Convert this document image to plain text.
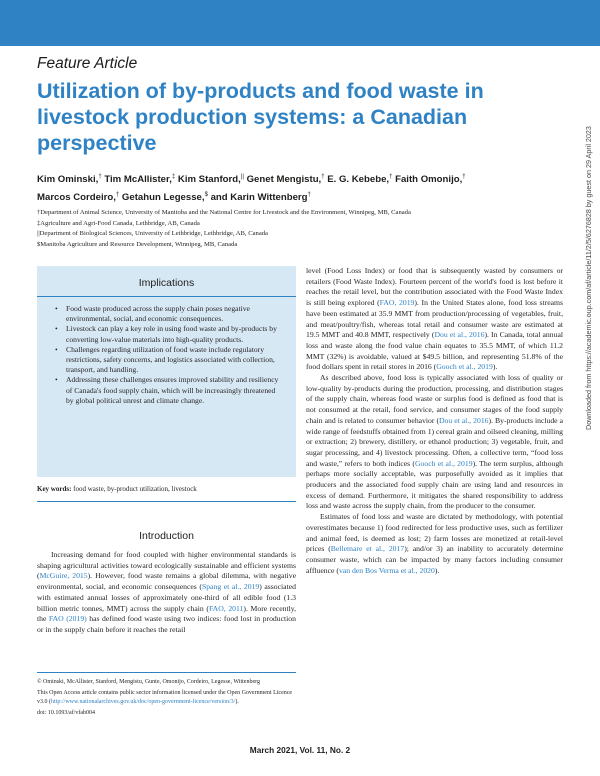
Feature Article
Utilization of by-products and food waste in livestock production systems: a Canadian perspective
Kim Ominski,† Tim McAllister,‡ Kim Stanford,|| Genet Mengistu,† E. G. Kebebe,† Faith Omonijo,†
Marcos Cordeiro,† Getahun Legesse,$ and Karin Wittenberg†
†Department of Animal Science, University of Manitoba and the National Centre for Livestock and the Environment, Winnipeg, MB, Canada
‡Agriculture and Agri-Food Canada, Lethbridge, AB, Canada
||Department of Biological Sciences, University of Lethbridge, Lethbridge, AB, Canada
$Manitoba Agriculture and Resource Development, Winnipeg, MB, Canada
Implications
• Food waste produced across the supply chain poses negative environmental, social, and economic consequences.
• Livestock can play a key role in using food waste and by-products by converting low-value materials into high-quality products.
• Challenges regarding utilization of food waste include regulatory restrictions, safety concerns, and logistics associated with collection, transport, and handling.
• Addressing these challenges ensures improved stability and resiliency of Canada's food supply chain, which will be increasingly threatened by global political unrest and climate change.
Key words: food waste, by-product utilization, livestock
Introduction

Increasing demand for food coupled with higher environmental standards is shaping agricultural activities toward ecologically sustainable and efficient systems (McGuire, 2015). However, food waste remains a global dilemma, with negative environmental, social, and economic consequences (Spang et al., 2019) associated with estimated annual losses of approximately one-third of all edible food (1.3 billion metric tonnes, MMT) across the supply chain (FAO, 2011). More recently, the FAO (2019) has defined food waste using two indices: food lost in production or in the supply chain before it reaches the retail

© Ominski, McAllister, Stanford, Mengistu, Gunte, Omonijo, Cordeiro, Legesse, Wittenberg

This Open Access article contains public sector information licensed under the Open Government Licence v3.0 (http://www.nationalarchives.gov.uk/doc/open-government-licence/version/3/).

doi: 10.1093/af/vfab004

level (Food Loss Index) or food that is subsequently wasted by consumers or retailers (Food Waste Index). Fourteen percent of the world's food is lost before it reaches the retail level, but the contribution associated with the Food Waste Index is still being explored (FAO, 2019). In the United States alone, food loss streams have been estimated at 35.9 MMT from production/processing of vegetables, fruit, and meat/poultry/fish, whereas total retail and consumer waste are estimated at 19.5 MMT and 40.8 MMT, respectively (Dou et al., 2016). In Canada, total annual loss and waste along the food value chain equates to 35.5 MMT, of which 11.2 MMT (32%) is avoidable, valued at $49.5 billion, and representing 51.8% of the food dollars spent in retail stores in 2016 (Gooch et al., 2019).

As described above, food loss is typically associated with loss of quality or low-quality by-products during the production, processing, and distribution stages of the supply chain, whereas food waste or surplus food is defined as food that is not consumed at the retail, food service, and consumer stages of the food supply chain and is related to consumer behavior (Dou et al., 2016). By-products include a wide range of feedstuffs obtained from 1) cereal grain and oilseed cleaning, milling or extraction; 2) brewery, distillery, or ethanol production; 3) vegetable, fruit, and sugar processing, and 4) livestock processing. Often, a collective term, “food loss and waste,” refers to both indices (Gooch et al., 2019). The term surplus, although perhaps more socially acceptable, was purposefully avoided as it implies that producers and the associated food supply chain are using land and resources in excess of demand. Furthermore, it mitigates the shared responsibility to address loss and waste across the supply chain, from the producer to the consumer.

Estimates of food loss and waste are dictated by methodology, with potential overestimates because 1) food redirected for less productive uses, such as fertilizer and animal feed, is deemed as lost; 2) farm losses are monetized at retail-level prices (Bellemare et al., 2017); and/or 3) an inability to accurately determine consumer waste, which can be impacted by many factors including consumer affluence (van den Bos Verma et al., 2020).

March 2021, Vol. 11, No. 2
Downloaded from https://academic.oup.com/af/article/11/2/5/6276828 by guest on 29 April 2023
